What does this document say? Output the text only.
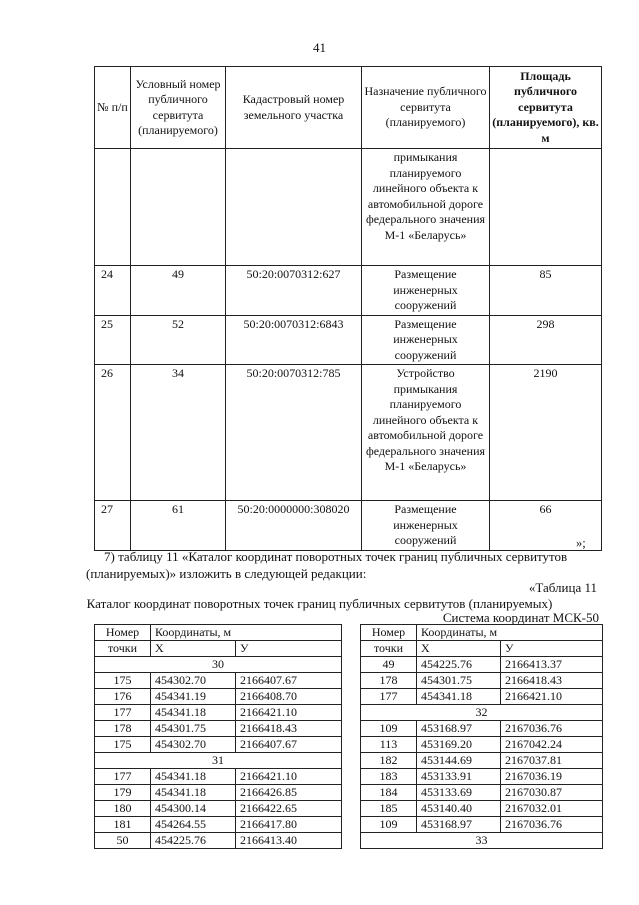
41
№ п/п	Условный номер публичного сервитута (планируемого)	Кадастровый номер земельного участка	Назначение публичного сервитута (планируемого)	Площадь публичного сервитута (планируемого), кв. м
			примыкания планируемого линейного объекта к автомобильной дороге федерального значения М-1 «Беларусь»	
24	49	50:20:0070312:627	Размещение инженерных сооружений	85
25	52	50:20:0070312:6843	Размещение инженерных сооружений	298
26	34	50:20:0070312:785	Устройство примыкания планируемого линейного объекта к автомобильной дороге федерального значения М-1 «Беларусь»	2190
27	61	50:20:0000000:308020	Размещение инженерных сооружений	66
»;

7) таблицу 11 «Каталог координат поворотных точек границ публичных сервитутов (планируемых)» изложить в следующей редакции:

«Таблица 11
Каталог координат поворотных точек границ публичных сервитутов (планируемых)
Система координат МСК-50
Номер	Координаты, м	
точки	X	У
30		
175	454302.70	2166407.67
176	454341.19	2166408.70
177	454341.18	2166421.10
178	454301.75	2166418.43
175	454302.70	2166407.67
31		
177	454341.18	2166421.10
179	454341.18	2166426.85
180	454300.14	2166422.65
181	454264.55	2166417.80
50	454225.76	2166413.40
Номер	Координаты, м	
точки	X	У
49	454225.76	2166413.37
178	454301.75	2166418.43
177	454341.18	2166421.10
32		
109	453168.97	2167036.76
113	453169.20	2167042.24
182	453144.69	2167037.81
183	453133.91	2167036.19
184	453133.69	2167030.87
185	453140.40	2167032.01
109	453168.97	2167036.76
33		
